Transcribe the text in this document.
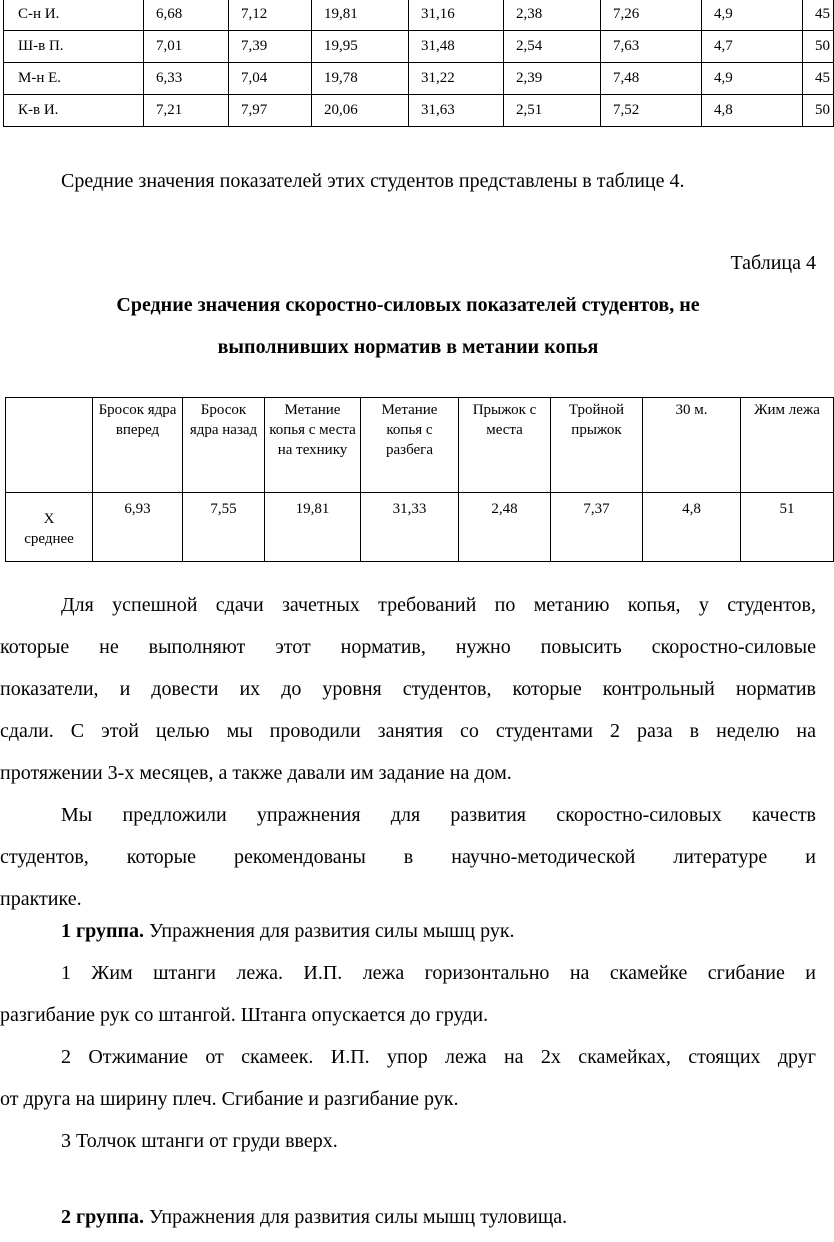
С-н И.	6,68	7,12	19,81	31,16	2,38	7,26	4,9	45
Ш-в П.	7,01	7,39	19,95	31,48	2,54	7,63	4,7	50
М-н Е.	6,33	7,04	19,78	31,22	2,39	7,48	4,9	45
К-в И.	7,21	7,97	20,06	31,63	2,51	7,52	4,8	50
Средние значения показателей этих студентов представлены в таблице 4.
Таблица 4
Средние значения скоростно-силовых показателей студентов, не
выполнивших норматив в метании копья
	Бросок ядра вперед	Бросок ядра назад	Метание копья с места на технику	Метание копья с разбега	Прыжок с места	Тройной прыжок	30 м.	Жим лежа
Х
среднее	6,93	7,55	19,81	31,33	2,48	7,37	4,8	51
Для успешной сдачи зачетных требований по метанию копья, у студентов,
которые не выполняют этот норматив, нужно повысить скоростно-силовые
показатели, и довести их до уровня студентов, которые контрольный норматив
сдали. С этой целью мы проводили занятия со студентами 2 раза в неделю на
протяжении 3-х месяцев, а также давали им задание на дом.
Мы предложили упражнения для развития скоростно-силовых качеств
студентов, которые рекомендованы в научно-методической литературе и
практике.
1 группа. Упражнения для развития силы мышц рук.
1 Жим штанги лежа. И.П. лежа горизонтально на скамейке сгибание и
разгибание рук со штангой. Штанга опускается до груди.
2 Отжимание от скамеек. И.П. упор лежа на 2х скамейках, стоящих друг
от друга на ширину плеч. Сгибание и разгибание рук.
3 Толчок штанги от груди вверх.
2 группа. Упражнения для развития силы мышц туловища.
